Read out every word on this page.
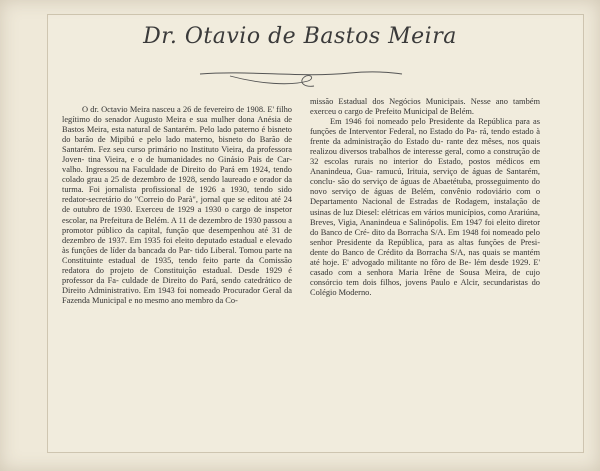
Dr. Otavio de Bastos Meira

O dr. Octavio Meira nasceu a 26 de fevereiro de 1908. E' filho legítimo do senador Augusto Meira e sua mulher dona Anésia de Bastos Meira, esta natural de Santarém. Pelo lado paterno é bisneto do barão de Mipibú e pelo lado materno, bisneto do Barão de Santarém. Fez seu curso primário no Instituto Vieira, da professora Joven- tina Vieira, e o de humanidades no Ginásio Pais de Car- valho. Ingressou na Faculdade de Direito do Pará em 1924, tendo colado grau a 25 de dezembro de 1928, sendo laureado e orador da turma. Foi jornalista profissional de 1926 a 1930, tendo sido redator-secretário do "Correio do Parà", jornal que se editou até 24 de outubro de 1930. Exerceu de 1929 a 1930 o cargo de inspetor escolar, na Prefeitura de Belém. A 11 de dezembro de 1930 passou a promotor público da capital, função que desempenhou até 31 de dezembro de 1937. Em 1935 foi eleito deputado estadual e elevado às funções de líder da bancada do Par- tido Liberal. Tomou parte na Constituinte estadual de 1935, tendo feito parte da Comissão redatora do projeto de Constituição estadual. Desde 1929 é professor da Fa- culdade de Direito do Pará, sendo catedrático de Direito Administrativo. Em 1943 foi nomeado Procurador Geral da Fazenda Municipal e no mesmo ano membro da Co-

missão Estadual dos Negócios Municipais. Nesse ano também exerceu o cargo de Prefeito Municipal de Belém.

Em 1946 foi nomeado pelo Presidente da República para as funções de Interventor Federal, no Estado do Pa- rá, tendo estado à frente da administração do Estado du- rante dez mêses, nos quais realizou diversos trabalhos de interesse geral, como a construção de 32 escolas rurais no interior do Estado, postos médicos em Ananindeua, Gua- ramucú, Irituia, serviço de águas de Santarém, conclu- são do serviço de águas de Abaetétuba, prosseguimento do novo serviço de águas de Belém, convênio rodoviário com o Departamento Nacional de Estradas de Rodagem, instalação de usinas de luz Diesel: elétricas em vários municípios, como Arariúna, Breves, Vigia, Ananindeua e Salinópolis. Em 1947 foi eleito diretor do Banco de Cré- dito da Borracha S/A. Em 1948 foi nomeado pelo senhor Presidente da República, para as altas funções de Presi- dente do Banco de Crédito da Borracha S/A, nas quais se mantém até hoje. E' advogado militante no fôro de Be- lém desde 1929. E' casado com a senhora Maria Irêne de Sousa Meira, de cujo consórcio tem dois filhos, jovens Paulo e Alcir, secundaristas do Colégio Moderno.
